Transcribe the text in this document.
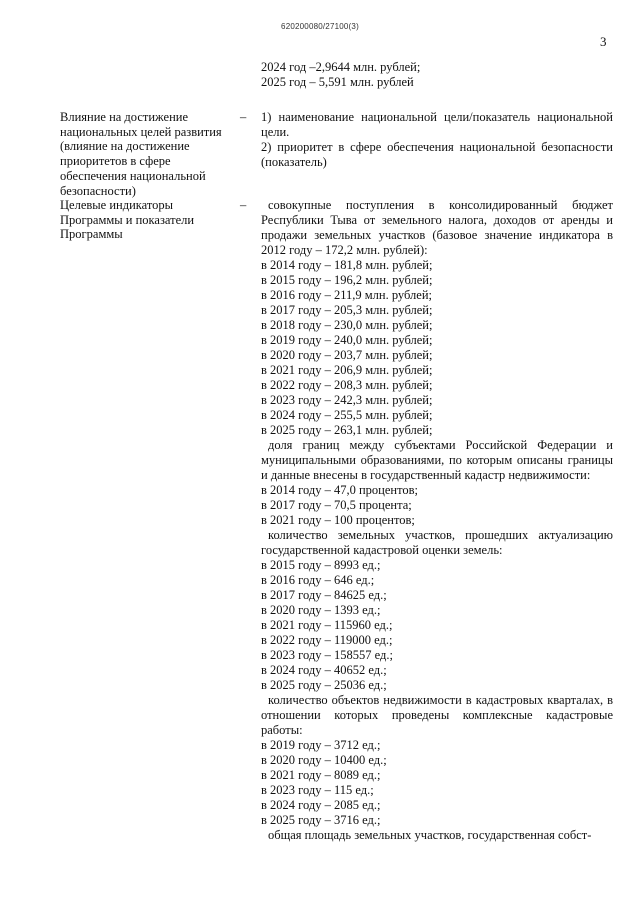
620200080/27100(3)
3
2024 год –2,9644 млн. рублей;
2025 год – 5,591 млн. рублей
Влияние на достижение национальных целей развития (влияние на достижение приоритетов в сфере обеспечения национальной безопасности)
– 1) наименование национальной цели/показатель национальной цели.

2) приоритет в сфере обеспечения национальной безопасности (показатель)

Целевые индикаторы Программы и показатели Программы
–	совокупные поступления в консолидированный бюджет Республики Тыва от земельного налога, доходов от аренды и продажи земельных участков (базовое значение индикатора в 2012 году – 172,2 млн. рублей):

в 2014 году – 181,8 млн. рублей;

в 2015 году – 196,2 млн. рублей;

в 2016 году – 211,9 млн. рублей;

в 2017 году – 205,3 млн. рублей;

в 2018 году – 230,0 млн. рублей;

в 2019 году – 240,0 млн. рублей;

в 2020 году – 203,7 млн. рублей;

в 2021 году – 206,9 млн. рублей;

в 2022 году – 208,3 млн. рублей;

в 2023 году – 242,3 млн. рублей;

в 2024 году – 255,5 млн. рублей;

в 2025 году – 263,1 млн. рублей;

доля границ между субъектами Российской Федерации и муниципальными образованиями, по которым описаны границы и данные внесены в государственный кадастр недвижимости:

в 2014 году – 47,0 процентов;

в 2017 году – 70,5 процента;

в 2021 году – 100 процентов;

количество земельных участков, прошедших актуализацию государственной кадастровой оценки земель:

в 2015 году – 8993 ед.;

в 2016 году – 646 ед.;

в 2017 году – 84625 ед.;

в 2020 году – 1393 ед.;

в 2021 году – 115960 ед.;

в 2022 году – 119000 ед.;

в 2023 году – 158557 ед.;

в 2024 году – 40652 ед.;

в 2025 году – 25036 ед.;

количество объектов недвижимости в кадастровых кварталах, в отношении которых проведены комплексные кадастровые работы:

в 2019 году – 3712 ед.;

в 2020 году – 10400 ед.;

в 2021 году – 8089 ед.;

в 2023 году – 115 ед.;

в 2024 году – 2085 ед.;

в 2025 году – 3716 ед.;

общая площадь земельных участков, государственная собст-
